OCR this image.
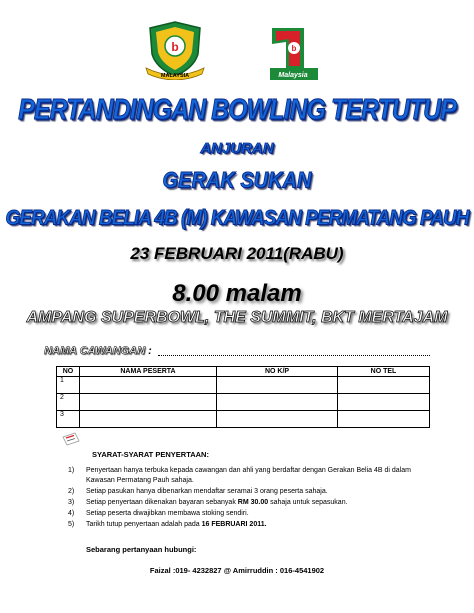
b
MALAYSIA
b
Malaysia
PERTANDINGAN BOWLING TERTUTUP
ANJURAN
GERAK SUKAN
GERAKAN BELIA 4B (M) KAWASAN PERMATANG PAUH
23 FEBRUARI 2011(RABU)
8.00 malam
AMPANG SUPERBOWL, THE SUMMIT, BKT MERTAJAM
NAMA CAWANGAN :
NO	NAMA PESERTA	NO K/P	NO TEL
1			
2			
3			
SYARAT-SYARAT PENYERTAAN:
1) Penyertaan hanya terbuka kepada cawangan dan ahli yang berdaftar dengan Gerakan Belia 4B di dalam Kawasan Permatang Pauh sahaja.
2) Setiap pasukan hanya dibenarkan mendaftar seramai 3 orang peserta sahaja.
3) Setiap penyertaan dikenakan bayaran sebanyak RM 30.00 sahaja untuk sepasukan.
4) Setiap peserta diwajibkan membawa stoking sendiri.
5) Tarikh tutup penyertaan adalah pada 16 FEBRUARI 2011.
Sebarang pertanyaan hubungi:
Faizal :019- 4232827 @ Amirruddin : 016-4541902
